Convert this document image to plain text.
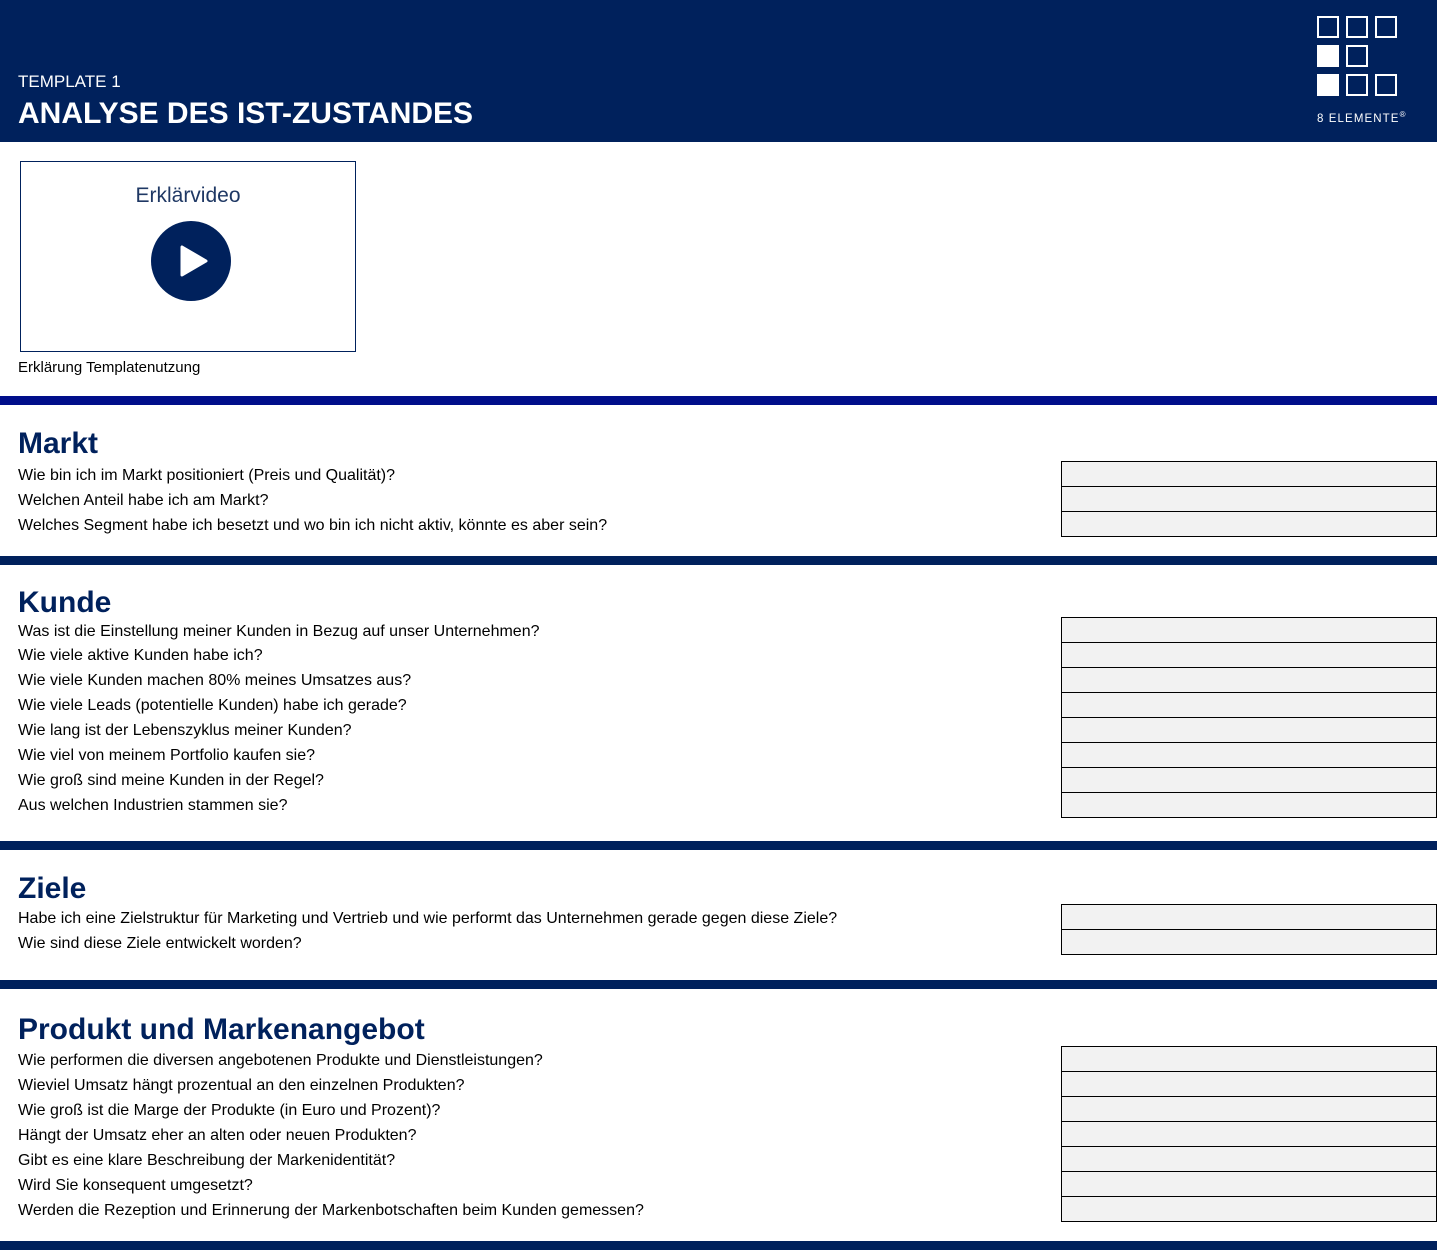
TEMPLATE 1
ANALYSE DES IST-ZUSTANDES	8 ELEMENTE®
Erklärvideo
Erklärung Templatenutzung
Markt
Wie bin ich im Markt positioniert (Preis und Qualität)?
Welchen Anteil habe ich am Markt?
Welches Segment habe ich besetzt und wo bin ich nicht aktiv, könnte es aber sein?
Kunde
Was ist die Einstellung meiner Kunden in Bezug auf unser Unternehmen?
Wie viele aktive Kunden habe ich?
Wie viele Kunden machen 80% meines Umsatzes aus?
Wie viele Leads (potentielle Kunden) habe ich gerade?
Wie lang ist der Lebenszyklus meiner Kunden?
Wie viel von meinem Portfolio kaufen sie?
Wie groß sind meine Kunden in der Regel?
Aus welchen Industrien stammen sie?
Ziele
Habe ich eine Zielstruktur für Marketing und Vertrieb und wie performt das Unternehmen gerade gegen diese Ziele?
Wie sind diese Ziele entwickelt worden?
Produkt und Markenangebot
Wie performen die diversen angebotenen Produkte und Dienstleistungen?
Wieviel Umsatz hängt prozentual an den einzelnen Produkten?
Wie groß ist die Marge der Produkte (in Euro und Prozent)?
Hängt der Umsatz eher an alten oder neuen Produkten?
Gibt es eine klare Beschreibung der Markenidentität?
Wird Sie konsequent umgesetzt?
Werden die Rezeption und Erinnerung der Markenbotschaften beim Kunden gemessen?
